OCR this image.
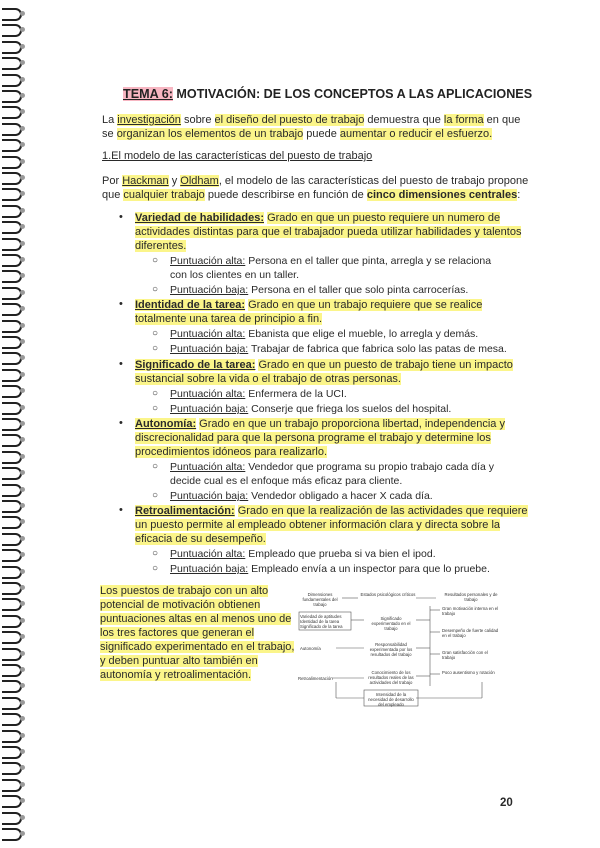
TEMA 6: MOTIVACIÓN: DE LOS CONCEPTOS A LAS APLICACIONES
La investigación sobre el diseño del puesto de trabajo demuestra que la forma en que
se organizan los elementos de un trabajo puede aumentar o reducir el esfuerzo.
1.El modelo de las características del puesto de trabajo
Por Hackman y Oldham, el modelo de las características del puesto de trabajo propone
que cualquier trabajo puede describirse en función de cinco dimensiones centrales:
• Variedad de habilidades: Grado en que un puesto requiere un numero de
actividades distintas para que el trabajador pueda utilizar habilidades y talentos
diferentes.
○ Puntuación alta: Persona en el taller que pinta, arregla y se relaciona
con los clientes en un taller.
○ Puntuación baja: Persona en el taller que solo pinta carrocerías.
• Identidad de la tarea: Grado en que un trabajo requiere que se realice
totalmente una tarea de principio a fin.
○ Puntuación alta: Ebanista que elige el mueble, lo arregla y demás.
○ Puntuación baja: Trabajar de fabrica que fabrica solo las patas de mesa.
• Significado de la tarea: Grado en que un puesto de trabajo tiene un impacto
sustancial sobre la vida o el trabajo de otras personas.
○ Puntuación alta: Enfermera de la UCI.
○ Puntuación baja: Conserje que friega los suelos del hospital.
• Autonomía: Grado en que un trabajo proporciona libertad, independencia y
discrecionalidad para que la persona programe el trabajo y determine los
procedimientos idóneos para realizarlo.
○ Puntuación alta: Vendedor que programa su propio trabajo cada día y
decide cual es el enfoque más eficaz para cliente.
○ Puntuación baja: Vendedor obligado a hacer X cada día.
• Retroalimentación: Grado en que la realización de las actividades que requiere
un puesto permite al empleado obtener información clara y directa sobre la
eficacia de su desempeño.
○ Puntuación alta: Empleado que prueba si va bien el ipod.
○ Puntuación baja: Empleado envía a un inspector para que lo pruebe.
Los puestos de trabajo con un alto
potencial de motivación obtienen
puntuaciones altas en al menos uno de
los tres factores que generan el
significado experimentado en el trabajo,
y deben puntuar alto también en
autonomía y retroalimentación.
Dimensiones fundamentales del trabajo
Estados psicológicos críticos	Resultados personales y de trabajo
Variedad de aptitudes Identidad de la tarea Significado de la tarea
Autonomía
Retroalimentación
Significado experimentado en el trabajo
Responsabilidad experimentada por los resultados del trabajo
Conocimiento de los resultados reales de las actividades del trabajo
Gran motivación interna en el trabajo
Desempeño de fuerte calidad en el trabajo
Gran satisfacción con el trabajo
Poco ausentismo y rotación
Intensidad de la necesidad de desarrollo del empleado
20
